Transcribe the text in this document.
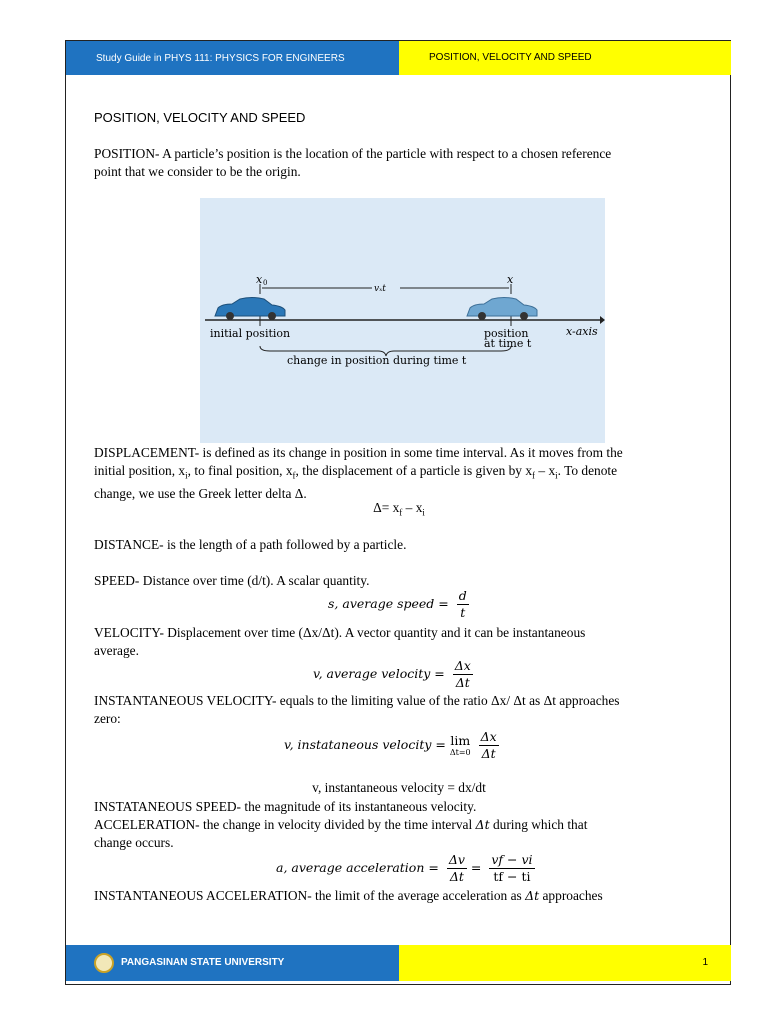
Study Guide in PHYS 111: PHYSICS FOR ENGINEERS	POSITION, VELOCITY AND SPEED
POSITION, VELOCITY AND SPEED
POSITION- A particle’s position is the location of the particle with respect to a chosen reference
point that we consider to be the origin.
x 0
vₓt
x
initial position	position
at time t
x-axis
change in position during time t
DISPLACEMENT- is defined as its change in position in some time interval. As it moves from the
initial position, $x_i$, to final position, $x_f$, the displacement of a particle is given by $x_f - x_i$. To denote
change, we use the Greek letter delta Δ.
$\Delta= x_f - x_i$
DISTANCE- is the length of a path followed by a particle.
SPEED- Distance over time (d/t). A scalar quantity.
s, average speed = $\frac{d}{t}$
VELOCITY- Displacement over time (Δx/Δt). A vector quantity and it can be instantaneous
average.
v, average velocity = $\frac{\Delta x}{\Delta t}$
INSTANTANEOUS VELOCITY- equals to the limiting value of the ratio Δx/ Δt as Δt approaches
zero:
v, instataneous velocity = lim
Δt=0
$\frac{\Delta x}{\Delta t}$
v, instantaneous velocity = dx/dt
INSTATANEOUS SPEED- the magnitude of its instantaneous velocity.
ACCELERATION- the change in velocity divided by the time interval Δt during which that
change occurs.
a, average acceleration = $\frac{\Delta v}{\Delta t} = \frac{vf - vi}{tf - ti}$
INSTANTANEOUS ACCELERATION- the limit of the average acceleration as Δt approaches
PANGASINAN STATE UNIVERSITY	1
